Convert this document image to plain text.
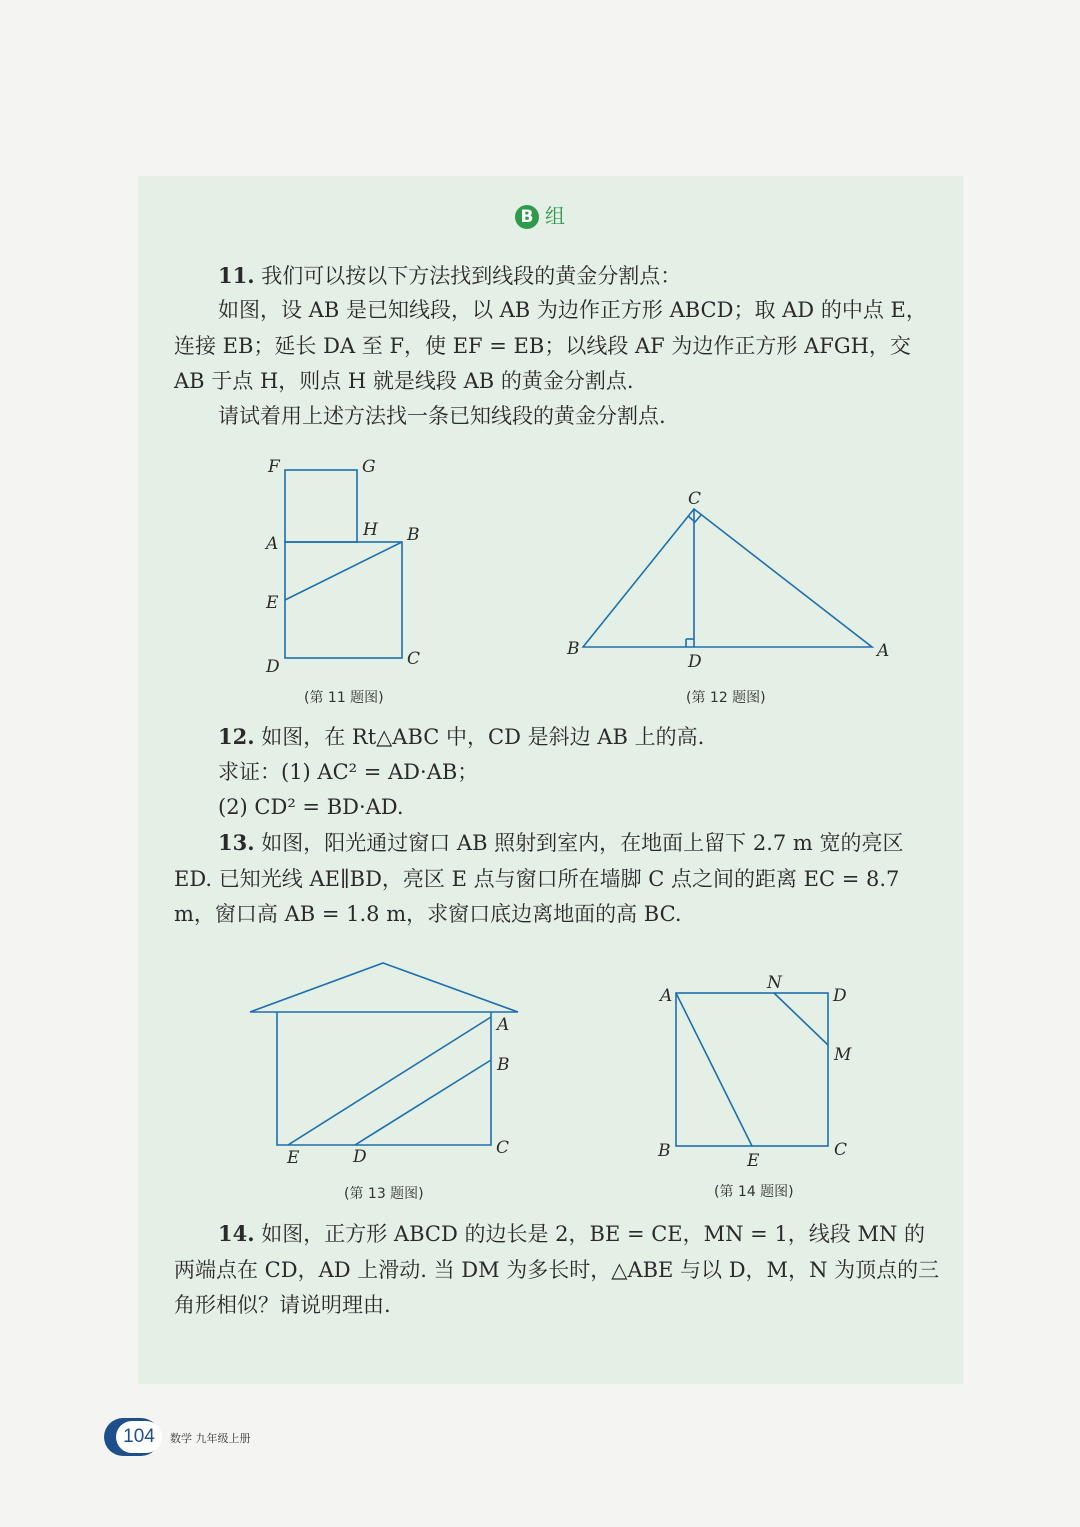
B 组

11. 我们可以按以下方法找到线段的黄金分割点：

如图，设 AB 是已知线段，以 AB 为边作正方形 ABCD；取 AD 的中点 E，连接 EB；延长 DA 至 F，使 EF = EB；以线段 AF 为边作正方形 AFGH，交 AB 于点 H，则点 H 就是线段 AB 的黄金分割点.

请试着用上述方法找一条已知线段的黄金分割点.

F	G
A
H B
E
D	C
(第 11 题图)
C
B
D
A
(第 12 题图)

12. 如图，在 Rt△ABC 中，CD 是斜边 AB 上的高.

求证：(1) AC² = AD·AB；

(2) CD² = BD·AD.

13. 如图，阳光通过窗口 AB 照射到室内，在地面上留下 2.7 m 宽的亮区 ED. 已知光线 AE∥BD，亮区 E 点与窗口所在墙脚 C 点之间的距离 EC = 8.7 m，窗口高 AB = 1.8 m，求窗口底边离地面的高 BC.

A
B
C
E	D
(第 13 题图)
A
N
D
M
B	E
C
(第 14 题图)

14. 如图，正方形 ABCD 的边长是 2，BE = CE，MN = 1，线段 MN 的两端点在 CD，AD 上滑动. 当 DM 为多长时，△ABE 与以 D，M，N 为顶点的三角形相似？请说明理由.

104	数学 九年级上册
